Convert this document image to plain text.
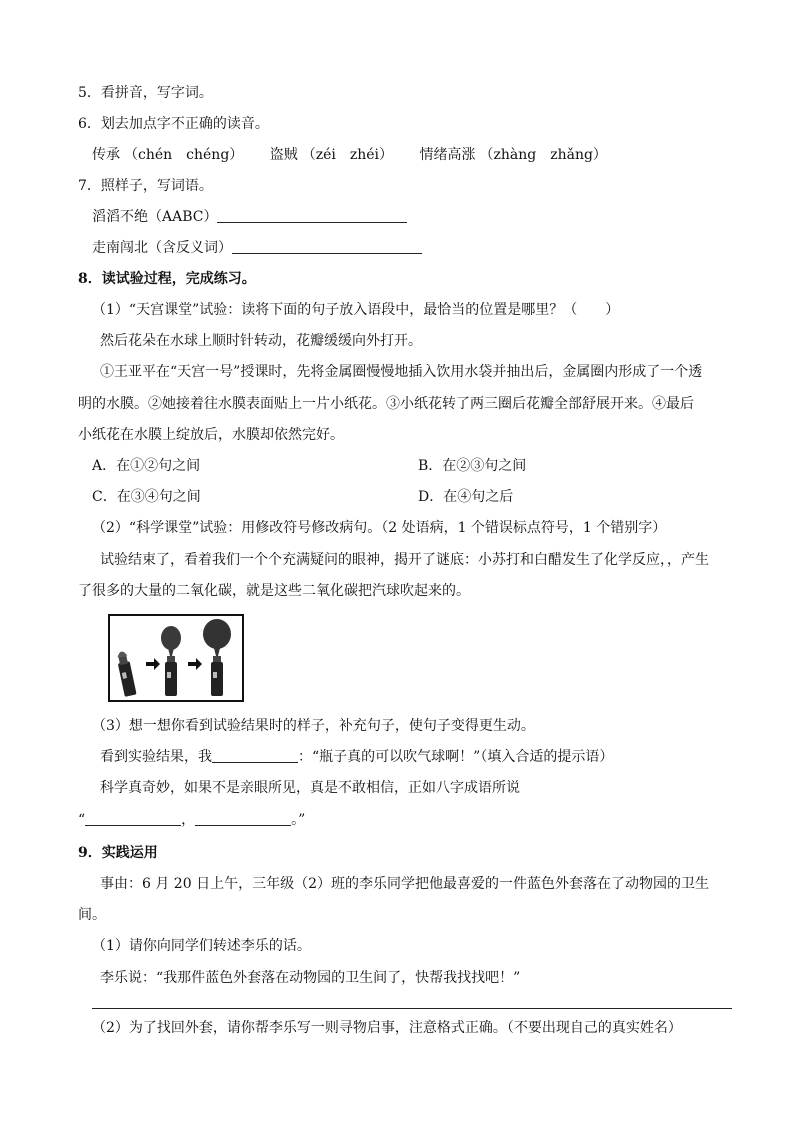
5．看拼音，写字词。
6．划去加点字不正确的读音。
传承 （chén　chéng） 盗贼 （zéi　zhéi） 情绪高涨 （zhàng　zhǎng）
7．照样子，写词语。
滔滔不绝（AABC）
走南闯北（含反义词）
8．读试验过程，完成练习。
（1）“天宫课堂”试验：读将下面的句子放入语段中，最恰当的位置是哪里？（　　）
然后花朵在水球上顺时针转动，花瓣缓缓向外打开。
①王亚平在“天宫一号”授课时，先将金属圈慢慢地插入饮用水袋并抽出后，金属圈内形成了一个透
明的水膜。②她接着往水膜表面贴上一片小纸花。③小纸花转了两三圈后花瓣全部舒展开来。④最后
小纸花在水膜上绽放后，水膜却依然完好。
A．在①②句之间	B．在②③句之间
C．在③④句之间	D．在④句之后
（2）“科学课堂”试验：用修改符号修改病句。（2 处语病，1 个错误标点符号，1 个错别字）
试验结束了，看着我们一个个充满疑问的眼神，揭开了谜底：小苏打和白醋发生了化学反应，，产生
了很多的大量的二氧化碳，就是这些二氧化碳把汽球吹起来的。
（3）想一想你看到试验结果时的样子，补充句子，使句子变得更生动。
看到实验结果，我	：“瓶子真的可以吹气球啊！”（填入合适的提示语）
科学真奇妙，如果不是亲眼所见，真是不敢相信，正如八字成语所说
“	，	。”
9．实践运用
事由：6 月 20 日上午，三年级（2）班的李乐同学把他最喜爱的一件蓝色外套落在了动物园的卫生
间。
（1）请你向同学们转述李乐的话。
李乐说：“我那件蓝色外套落在动物园的卫生间了，快帮我找找吧！”
（2）为了找回外套，请你帮李乐写一则寻物启事，注意格式正确。（不要出现自己的真实姓名）
